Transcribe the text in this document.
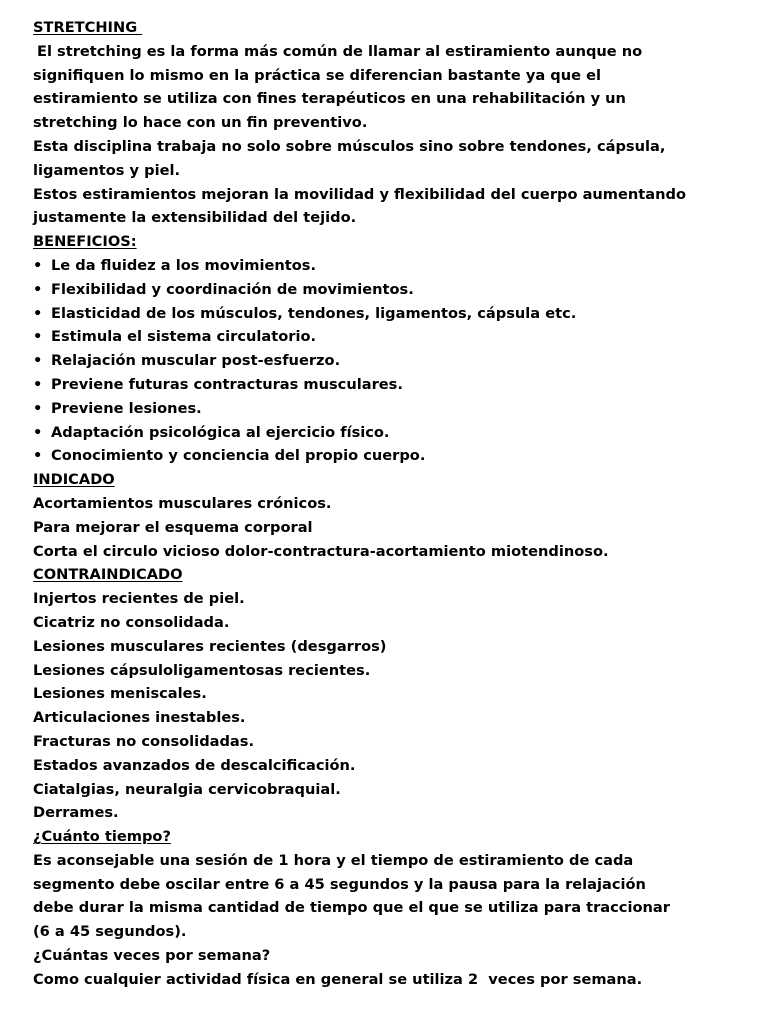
STRETCHING
El stretching es la forma más común de llamar al estiramiento aunque no
signifiquen lo mismo en la práctica se diferencian bastante ya que el
estiramiento se utiliza con fines terapéuticos en una rehabilitación y un
stretching lo hace con un fin preventivo.
Esta disciplina trabaja no solo sobre músculos sino sobre tendones, cápsula,
ligamentos y piel.
Estos estiramientos mejoran la movilidad y flexibilidad del cuerpo aumentando
justamente la extensibilidad del tejido.
BENEFICIOS:
• Le da fluidez a los movimientos.
• Flexibilidad y coordinación de movimientos.
• Elasticidad de los músculos, tendones, ligamentos, cápsula etc.
• Estimula el sistema circulatorio.
• Relajación muscular post-esfuerzo.
• Previene futuras contracturas musculares.
• Previene lesiones.
• Adaptación psicológica al ejercicio físico.
• Conocimiento y conciencia del propio cuerpo.
INDICADO
Acortamientos musculares crónicos.
Para mejorar el esquema corporal
Corta el circulo vicioso dolor-contractura-acortamiento miotendinoso.
CONTRAINDICADO
Injertos recientes de piel.
Cicatriz no consolidada.
Lesiones musculares recientes (desgarros)
Lesiones cápsuloligamentosas recientes.
Lesiones meniscales.
Articulaciones inestables.
Fracturas no consolidadas.
Estados avanzados de descalcificación.
Ciatalgias, neuralgia cervicobraquial.
Derrames.
¿Cuánto tiempo?
Es aconsejable una sesión de 1 hora y el tiempo de estiramiento de cada
segmento debe oscilar entre 6 a 45 segundos y la pausa para la relajación
debe durar la misma cantidad de tiempo que el que se utiliza para traccionar
(6 a 45 segundos).
¿Cuántas veces por semana?
Como cualquier actividad física en general se utiliza 2  veces por semana.
